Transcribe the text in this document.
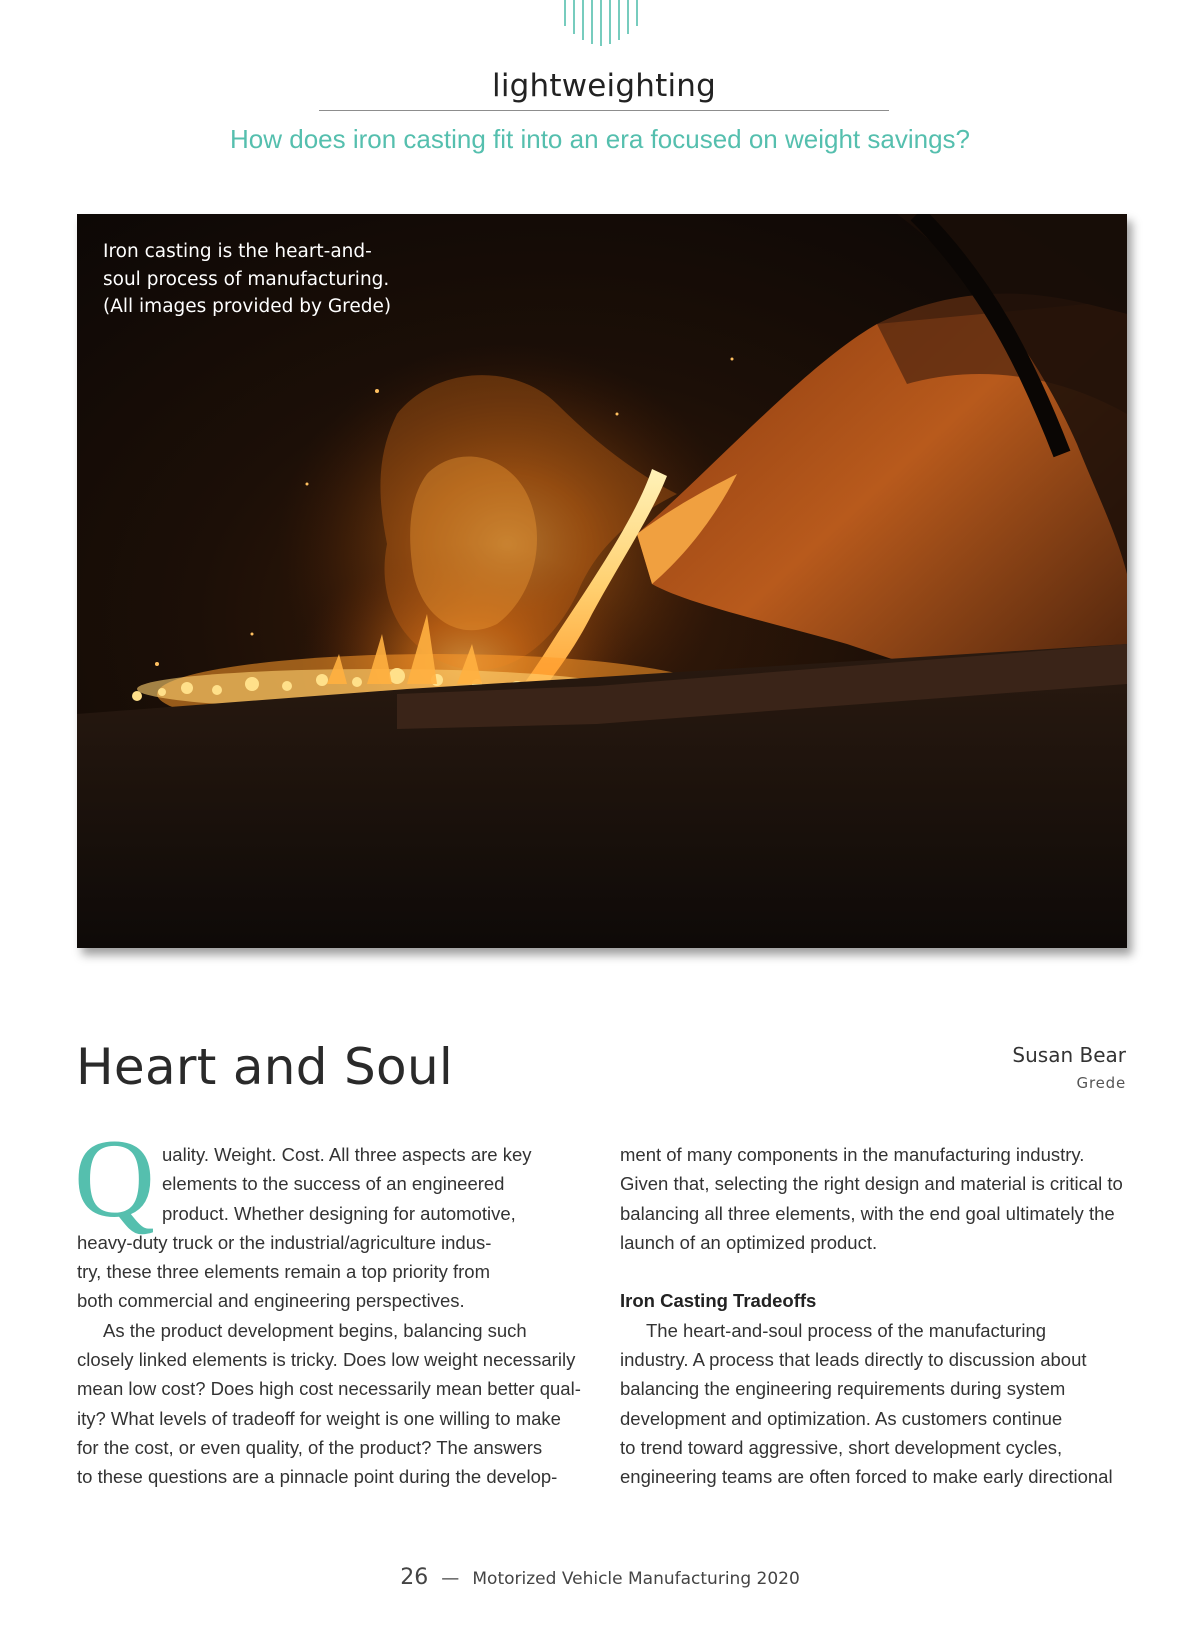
lightweighting
How does iron casting fit into an era focused on weight savings?
Iron casting is the heart-and-
soul process of manufacturing.
(All images provided by Grede)
Heart and Soul	Susan Bear
Grede
Q uality. Weight. Cost. All three aspects are key
elements to the success of an engineered
product. Whether designing for automotive,
heavy-duty truck or the industrial/agriculture indus-
try, these three elements remain a top priority from
both commercial and engineering perspectives.
As the product development begins, balancing such
closely linked elements is tricky. Does low weight necessarily
mean low cost? Does high cost necessarily mean better qual-
ity? What levels of tradeoff for weight is one willing to make
for the cost, or even quality, of the product? The answers
to these questions are a pinnacle point during the develop-
ment of many components in the manufacturing industry.
Given that, selecting the right design and material is critical to
balancing all three elements, with the end goal ultimately the
launch of an optimized product.
Iron Casting Tradeoffs
The heart-and-soul process of the manufacturing
industry. A process that leads directly to discussion about
balancing the engineering requirements during system
development and optimization. As customers continue
to trend toward aggressive, short development cycles,
engineering teams are often forced to make early directional
26 — Motorized Vehicle Manufacturing 2020
